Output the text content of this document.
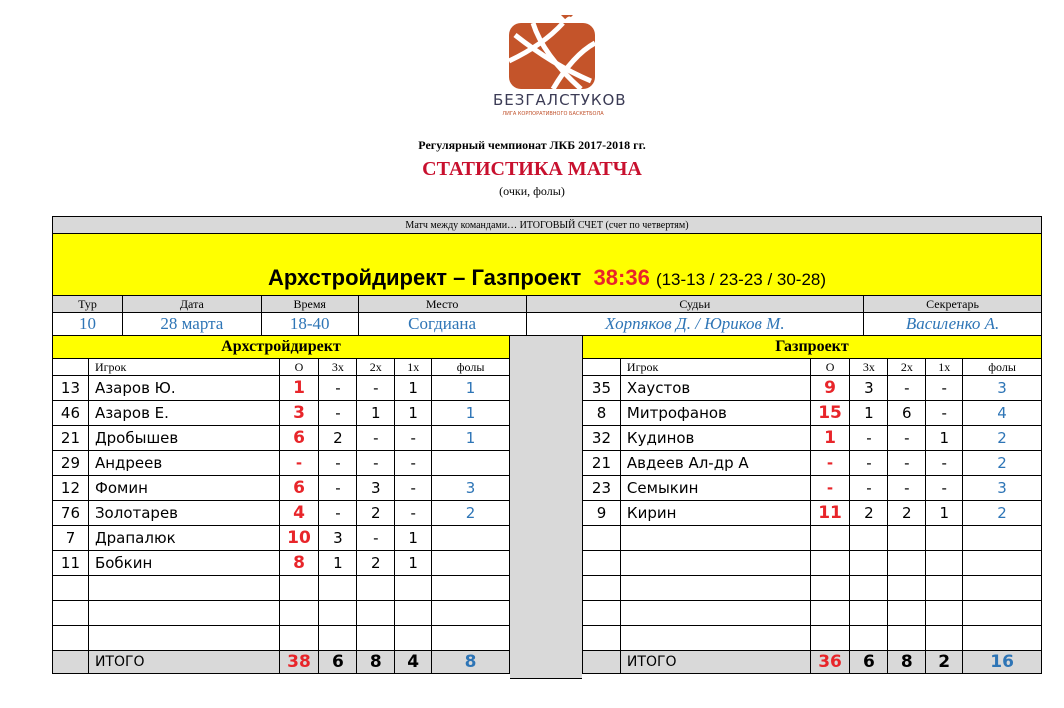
БЕЗГАЛСТУКОВ
ЛИГА КОРПОРАТИВНОГО БАСКЕТБОЛА
Регулярный чемпионат ЛКБ 2017-2018 гг.
СТАТИСТИКА МАТЧА
(очки, фолы)
Матч между командами… ИТОГОВЫЙ СЧЕТ (счет по четвертям)					
Архстройдирект – Газпроект 38:36 (13-13 / 23-23 / 30-28)					
Тур	Дата	Время	Место	Судьи	Секретарь
10	28 марта	18-40	Согдиана	Хорпяков Д. / Юриков М.	Василенко А.
Архстройдирект						
	Игрок	О	3х	2х	1х	фолы
13	Азаров Ю.	1	-	-	1	1
46	Азаров Е.	3	-	1	1	1
21	Дробышев	6	2	-	-	1
29	Андреев	-	-	-	-	
12	Фомин	6	-	3	-	3
76	Золотарев	4	-	2	-	2
7	Драпалюк	10	3	-	1	
11	Бобкин	8	1	2	1	

	ИТОГО	38	6	8	4	8
Газпроект						
	Игрок	О	3х	2х	1х	фолы
35	Хаустов	9	3	-	-	3
8	Митрофанов	15	1	6	-	4
32	Кудинов	1	-	-	1	2
21	Авдеев Ал-др А	-	-	-	-	2
23	Семыкин	-	-	-	-	3
9	Кирин	11	2	2	1	2

	ИТОГО	36	6	8	2	16
